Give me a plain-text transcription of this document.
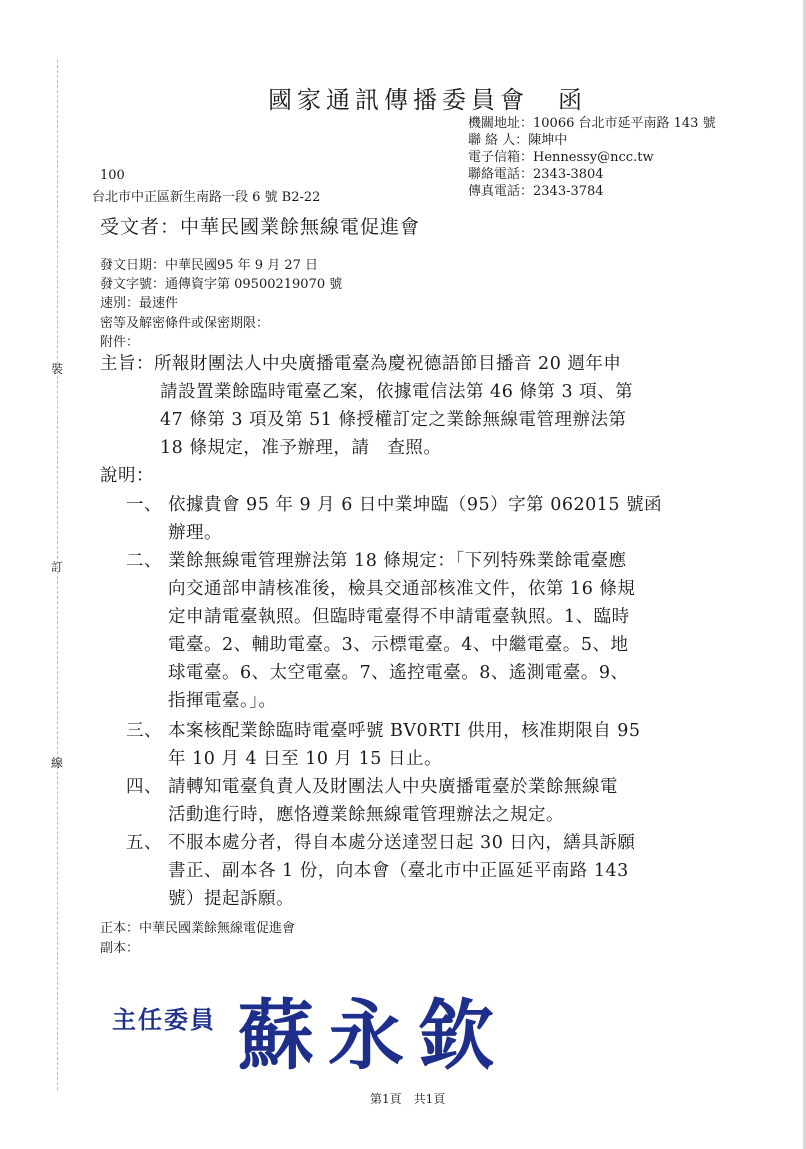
國家通訊傳播委員會　函
機關地址：10066 台北市延平南路 143 號
聯 絡 人：陳坤中
電子信箱：Hennessy@ncc.tw
聯絡電話：2343-3804
傳真電話：2343-3784
100
台北市中正區新生南路一段 6 號 B2-22
受文者：中華民國業餘無線電促進會
發文日期：中華民國95 年 9 月 27 日
發文字號：通傳資字第 09500219070 號
速別：最速件
密等及解密條件或保密期限：
附件：
裝
訂
線
主旨：所報財團法人中央廣播電臺為慶祝德語節目播音 20 週年申
請設置業餘臨時電臺乙案，依據電信法第 46 條第 3 項、第
47 條第 3 項及第 51 條授權訂定之業餘無線電管理辦法第
18 條規定，准予辦理，請　查照。
說明：
一、 依據貴會 95 年 9 月 6 日中業坤臨（95）字第 062015 號函
辦理。
二、 業餘無線電管理辦法第 18 條規定：「下列特殊業餘電臺應
向交通部申請核准後，檢具交通部核准文件，依第 16 條規
定申請電臺執照。但臨時電臺得不申請電臺執照。1、臨時
電臺。2、輔助電臺。3、示標電臺。4、中繼電臺。5、地
球電臺。6、太空電臺。7、遙控電臺。8、遙測電臺。9、
指揮電臺。」。
三、 本案核配業餘臨時電臺呼號 BV0RTI 供用，核准期限自 95
年 10 月 4 日至 10 月 15 日止。
四、 請轉知電臺負責人及財團法人中央廣播電臺於業餘無線電
活動進行時，應恪遵業餘無線電管理辦法之規定。
五、 不服本處分者，得自本處分送達翌日起 30 日內，繕具訴願
書正、副本各 1 份，向本會（臺北市中正區延平南路 143
號）提起訴願。
正本：中華民國業餘無線電促進會
副本：
主任委員 蘇永欽
第1頁　共1頁
